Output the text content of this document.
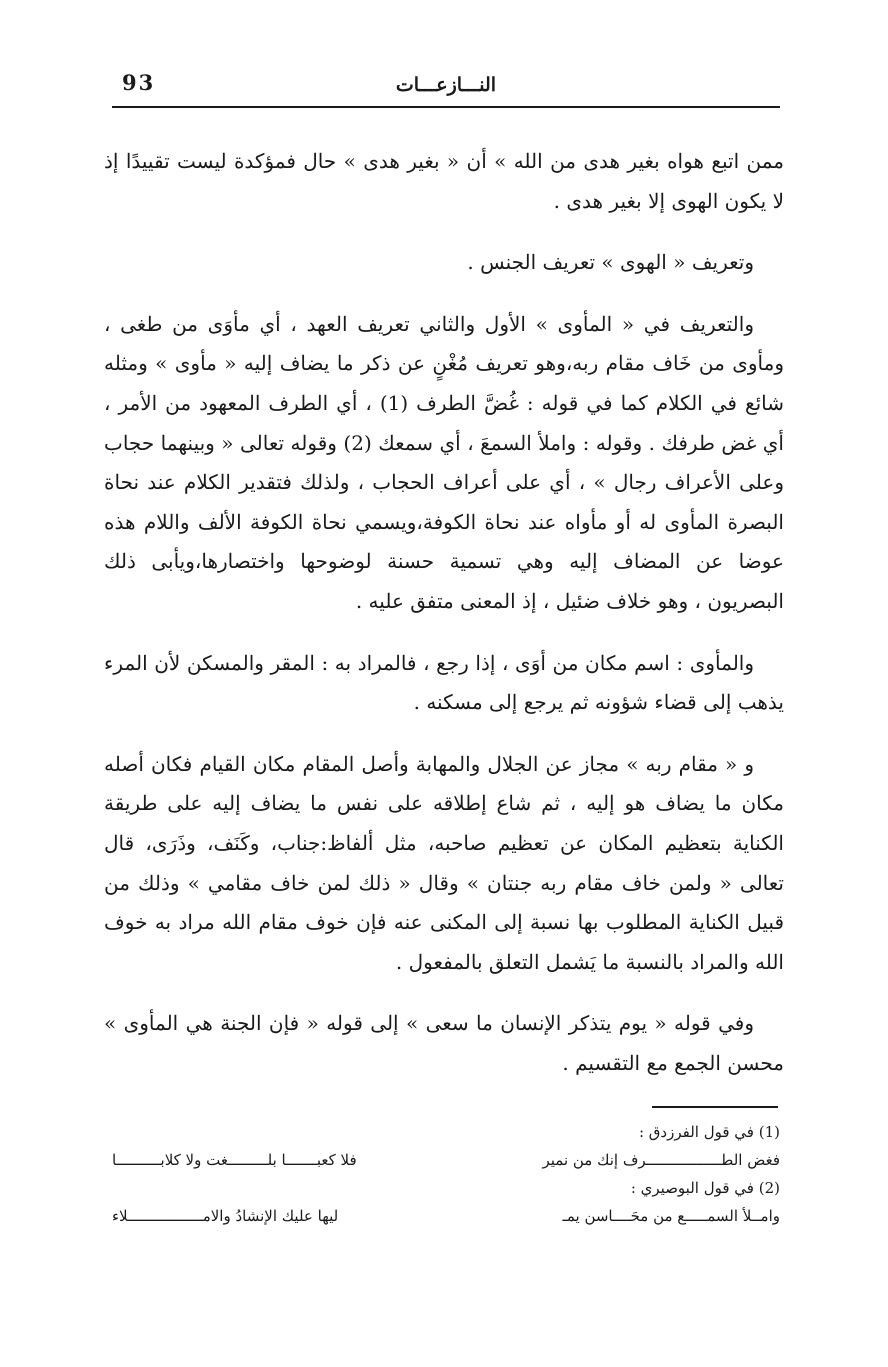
93	النـــازعـــات

ممن اتبع هواه بغير هدى من الله » أن « بغير هدى » حال فمؤكدة ليست تقييدًا إذ لا يكون الهوى إلا بغير هدى .

وتعريف « الهوى » تعريف الجنس .

والتعريف في « المأوى » الأول والثاني تعريف العهد ، أي مأوَى من طغى ، ومأوى من خَاف مقام ربه،وهو تعريف مُغْنٍ عن ذكر ما يضاف إليه « مأوى » ومثله شائع في الكلام كما في قوله : غُضَّ الطرف (1) ، أي الطرف المعهود من الأمر ، أي غض طرفك . وقوله : واملأ السمعَ ، أي سمعك (2) وقوله تعالى « وبينهما حجاب وعلى الأعراف رجال » ، أي على أعراف الحجاب ، ولذلك فتقدير الكلام عند نحاة البصرة المأوى له أو مأواه عند نحاة الكوفة،ويسمي نحاة الكوفة الألف واللام هذه عوضا عن المضاف إليه وهي تسمية حسنة لوضوحها واختصارها،ويأبى ذلك البصريون ، وهو خلاف ضئيل ، إذ المعنى متفق عليه .

والمأوى : اسم مكان من أوَى ، إذا رجع ، فالمراد به : المقر والمسكن لأن المرء يذهب إلى قضاء شؤونه ثم يرجع إلى مسكنه .

و « مقام ربه » مجاز عن الجلال والمهابة وأصل المقام مكان القيام فكان أصله مكان ما يضاف هو إليه ، ثم شاع إطلاقه على نفس ما يضاف إليه على طريقة الكناية بتعظيم المكان عن تعظيم صاحبه، مثل ألفاظ:جناب، وكَنَف، وذَرَى، قال تعالى « ولمن خاف مقام ربه جنتان » وقال « ذلك لمن خاف مقامي » وذلك من قبيل الكناية المطلوب بها نسبة إلى المكنى عنه فإن خوف مقام الله مراد به خوف الله والمراد بالنسبة ما يَشمل التعلق بالمفعول .

وفي قوله « يوم يتذكر الإنسان ما سعى » إلى قوله « فإن الجنة هي المأوى » محسن الجمع مع التقسيم .

(1) في قول الفرزدق :

فغض الطـــــــــــــــــرف إنك من نمير
فلا كعبـــــــا بلـــــــــغت ولا كلابــــــــــا

(2) في قول البوصيري :

وامــلأ السمـــــع من محَــــاسن يمـ
ليها عليك الإنشادُ والامـــــــــــــــــلاء
